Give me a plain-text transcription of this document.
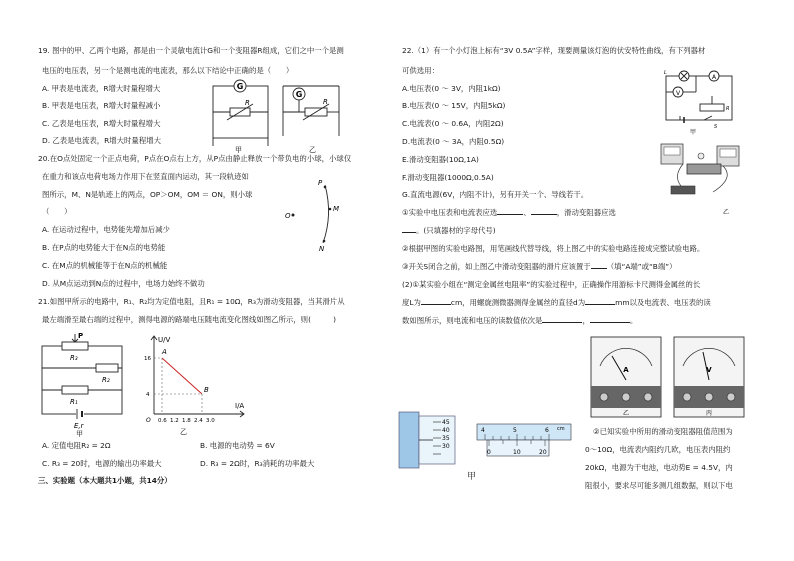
19. 图中的甲、乙两个电路，都是由一个灵敏电流计G和一个变阻器R组成，它们之中一个是测
电压的电压表，另一个是测电流的电流表，那么以下结论中正确的是（　　）
A. 甲表是电流表，R增大时量程增大
B. 甲表是电压表，R增大时量程减小
C. 乙表是电压表，R增大时量程增大
D. 乙表是电流表，R增大时量程增大
G
R
甲
G
R
乙
20.在O点处固定一个正点电荷，P点在O点右上方，从P点由静止释放一个带负电的小球，小球仅
在重力和该点电荷电场力作用下在竖直面内运动，其一段轨迹如
图所示，M、N是轨迹上的两点，OP＞OM，OM ＝ ON，则小球
（　　）
A. 在运动过程中，电势能先增加后减少
B. 在P点的电势能大于在N点的电势能
C. 在M点的机械能等于在N点的机械能
D. 从M点运动到N点的过程中，电场力始终不做功
P
M
N
O
21.如图甲所示的电路中，R₁、R₂均为定值电阻，且R₁ = 10Ω，R₃为滑动变阻器，当其滑片从
最左端滑至最右端的过程中，测得电源的路端电压随电流变化图线如图乙所示，则(　　　)
R₃
P
R₂
R₁
E,r
甲
U/V
I/A
O
A
B
16
4
0.6 1.2 1.8 2.4 3.0
乙
A. 定值电阻R₂ = 2Ω	B. 电源的电动势 = 6V
C. R₃ = 20时，电源的输出功率最大	D. R₃ = 2Ω时，R₃消耗的功率最大
三、实验题（本大题共1小题，共14分）
22.（1）有一个小灯泡上标有“3V 0.5A”字样，现要测量该灯泡的伏安特性曲线，有下列器材
可供选用：
A.电压表(0 ～ 3V，内阻1kΩ)
B.电压表(0 ～ 15V，内阻5kΩ)
C.电流表(0 ～ 0.6A，内阻2Ω)
D.电流表(0 ～ 3A，内阻0.5Ω)
E.滑动变阻器(10Ω,1A)
F.滑动变阻器(1000Ω,0.5A)
G.直流电源(6V，内阻不计)，另有开关一个、导线若干。
①实验中电压表和电流表应选	、	，滑动变阻器应选
。(只填器材的字母代号)
②根据甲图的实验电路图，用笔画线代替导线，将上图乙中的实验电路连接成完整试验电路。
③开关S闭合之前，如上图乙中滑动变阻器的滑片应该置于 （填“A端”或“B端”）
(2)①某实验小组在“测定金属丝电阻率”的实验过程中，正确操作用游标卡尺测得金属丝的长
度L为	cm，用螺旋测微器测得金属丝的直径d为	mm以及电流表、电压表的读
数如图所示，则电流和电压的读数值依次是	，	。
A
V
L
R
S
甲
乙
A
乙
V
丙
45
40
35
30
4	5	6 cm
0	10	20
甲
②已知实验中所用的滑动变阻器阻值范围为
0～10Ω，电流表内阻约几欧，电压表内阻约
20kΩ，电源为干电池，电动势E = 4.5V，内
阻很小，要求尽可能多测几组数据，则以下电
